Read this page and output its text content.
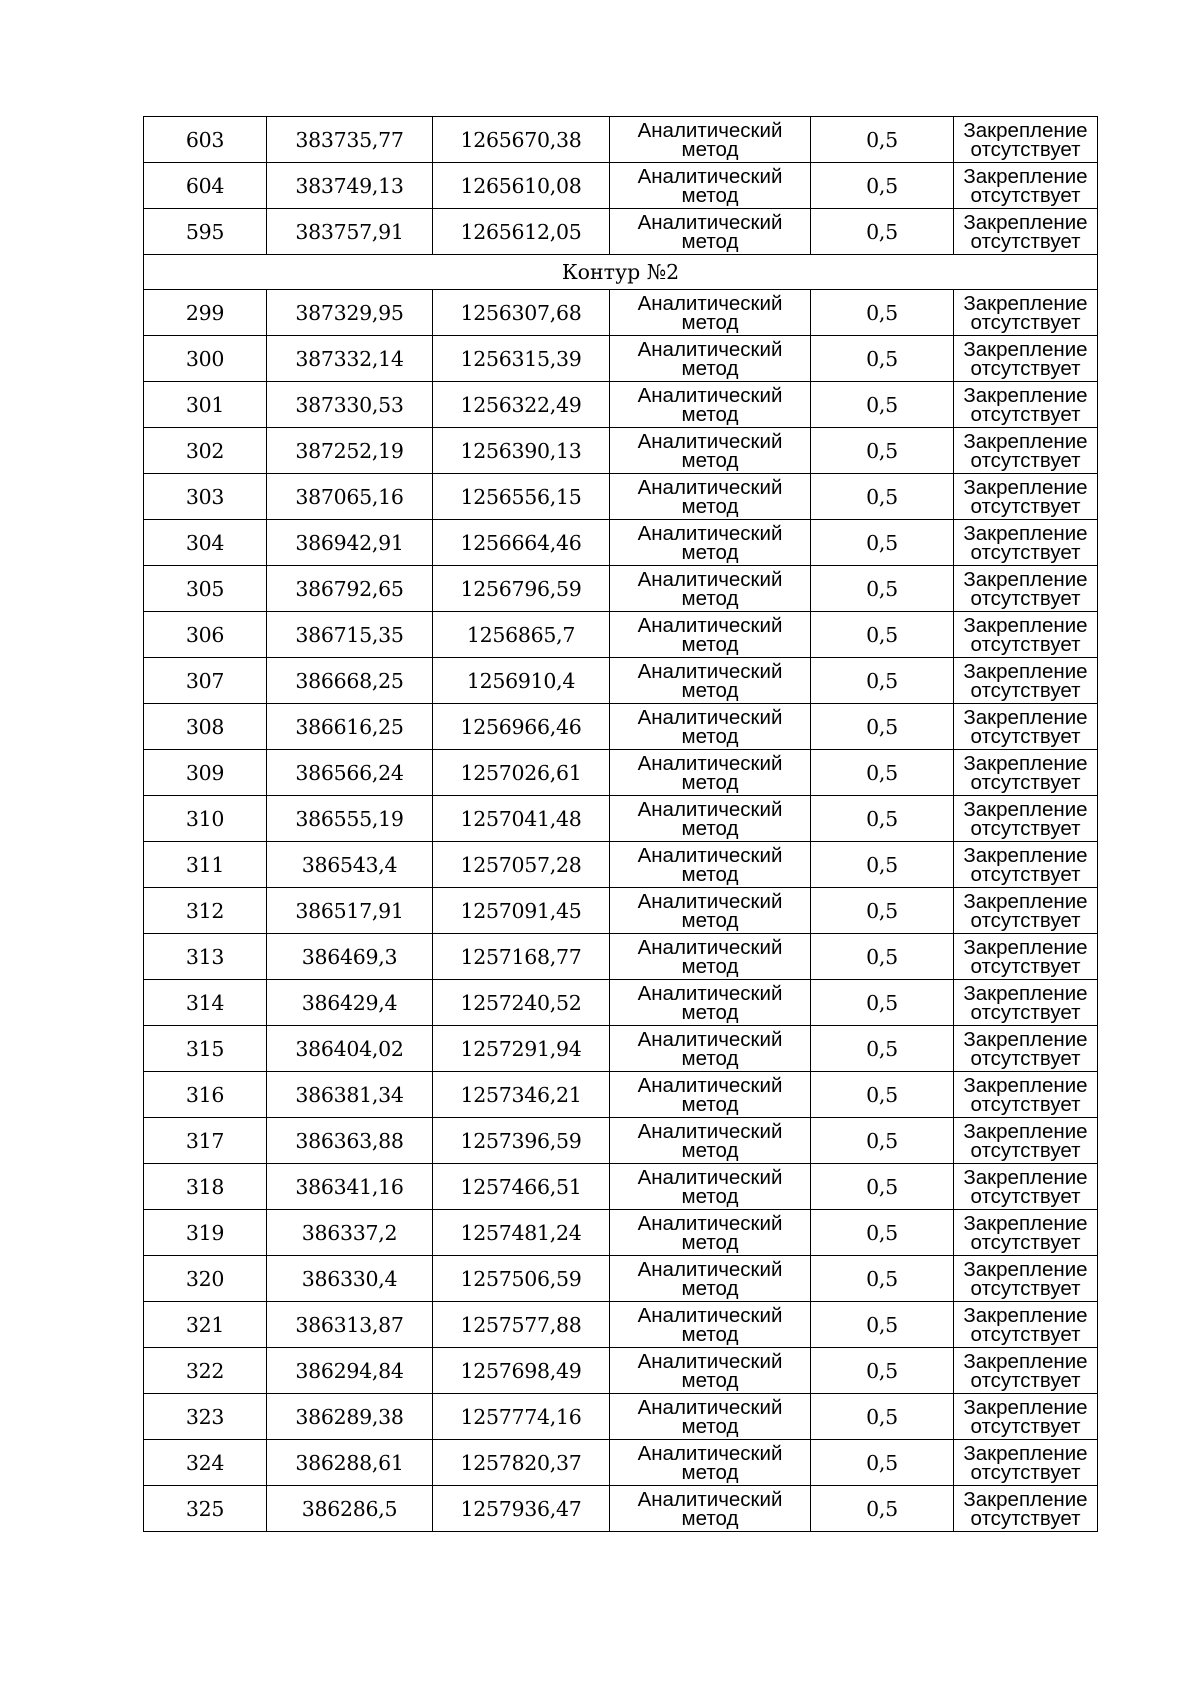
603	383735,77	1265670,38	Аналитический
метод	0,5	Закрепление
отсутствует

604	383749,13	1265610,08	Аналитический
метод	0,5	Закрепление
отсутствует

595	383757,91	1265612,05	Аналитический
метод	0,5	Закрепление
отсутствует

Контур №2					
299	387329,95	1256307,68	Аналитический
метод	0,5	Закрепление
отсутствует

300	387332,14	1256315,39	Аналитический
метод	0,5	Закрепление
отсутствует

301	387330,53	1256322,49	Аналитический
метод	0,5	Закрепление
отсутствует

302	387252,19	1256390,13	Аналитический
метод	0,5	Закрепление
отсутствует

303	387065,16	1256556,15	Аналитический
метод	0,5	Закрепление
отсутствует

304	386942,91	1256664,46	Аналитический
метод	0,5	Закрепление
отсутствует

305	386792,65	1256796,59	Аналитический
метод	0,5	Закрепление
отсутствует

306	386715,35	1256865,7	Аналитический
метод	0,5	Закрепление
отсутствует

307	386668,25	1256910,4	Аналитический
метод	0,5	Закрепление
отсутствует

308	386616,25	1256966,46	Аналитический
метод	0,5	Закрепление
отсутствует

309	386566,24	1257026,61	Аналитический
метод	0,5	Закрепление
отсутствует

310	386555,19	1257041,48	Аналитический
метод	0,5	Закрепление
отсутствует

311	386543,4	1257057,28	Аналитический
метод	0,5	Закрепление
отсутствует

312	386517,91	1257091,45	Аналитический
метод	0,5	Закрепление
отсутствует

313	386469,3	1257168,77	Аналитический
метод	0,5	Закрепление
отсутствует

314	386429,4	1257240,52	Аналитический
метод	0,5	Закрепление
отсутствует

315	386404,02	1257291,94	Аналитический
метод	0,5	Закрепление
отсутствует

316	386381,34	1257346,21	Аналитический
метод	0,5	Закрепление
отсутствует

317	386363,88	1257396,59	Аналитический
метод	0,5	Закрепление
отсутствует

318	386341,16	1257466,51	Аналитический
метод	0,5	Закрепление
отсутствует

319	386337,2	1257481,24	Аналитический
метод	0,5	Закрепление
отсутствует

320	386330,4	1257506,59	Аналитический
метод	0,5	Закрепление
отсутствует

321	386313,87	1257577,88	Аналитический
метод	0,5	Закрепление
отсутствует

322	386294,84	1257698,49	Аналитический
метод	0,5	Закрепление
отсутствует

323	386289,38	1257774,16	Аналитический
метод	0,5	Закрепление
отсутствует

324	386288,61	1257820,37	Аналитический
метод	0,5	Закрепление
отсутствует

325	386286,5	1257936,47	Аналитический
метод	0,5	Закрепление
отсутствует
